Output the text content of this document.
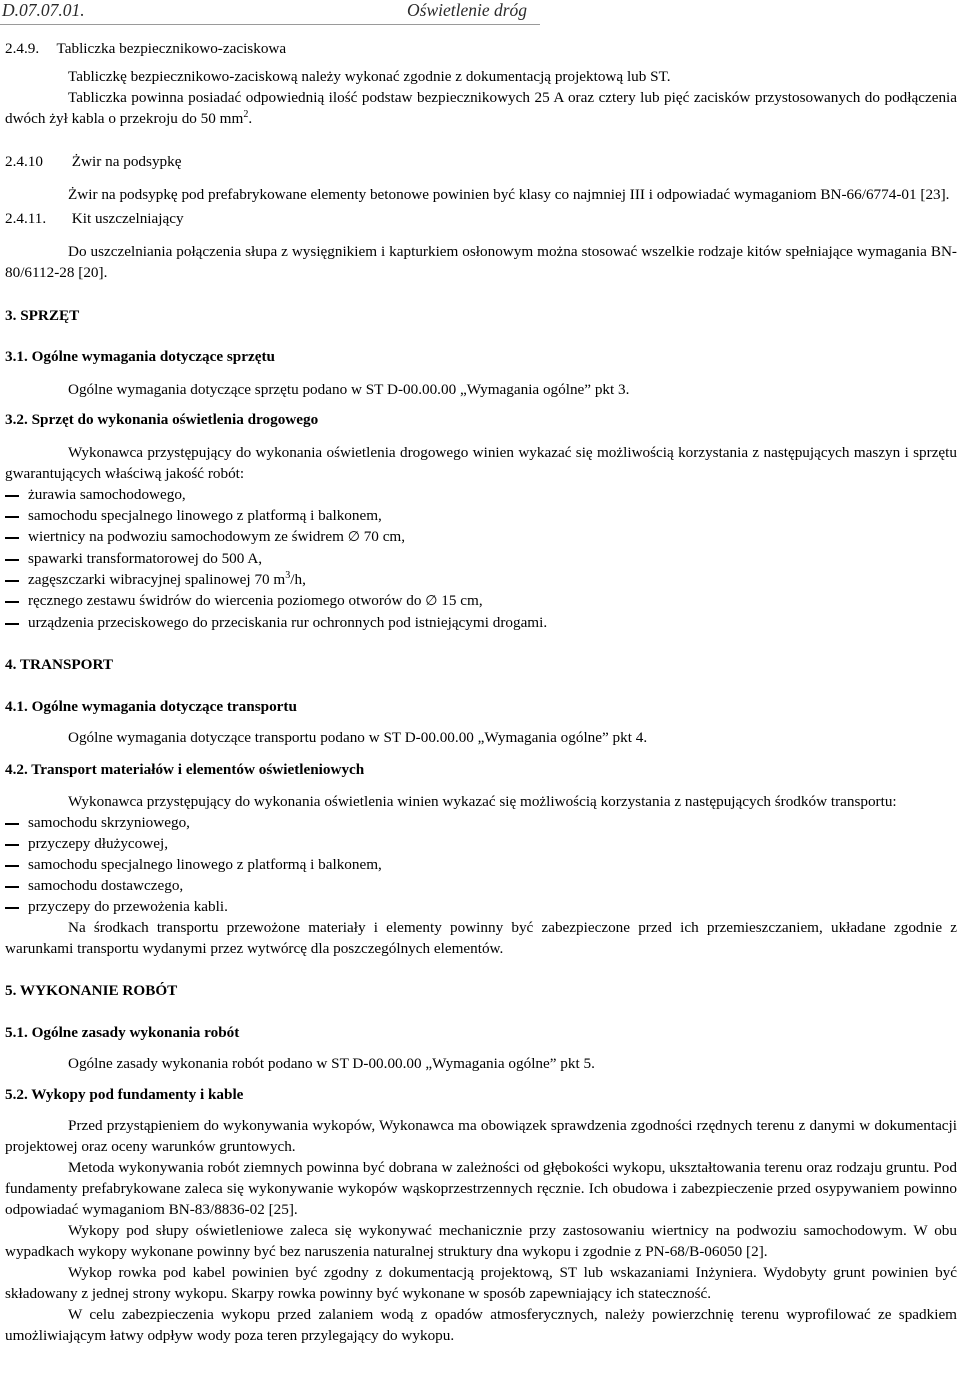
D.07.07.01.	Oświetlenie dróg
2.4.9. Tabliczka bezpiecznikowo-zaciskowa

Tabliczkę bezpiecznikowo-zaciskową należy wykonać zgodnie z dokumentacją projektową lub ST.

Tabliczka powinna posiadać odpowiednią ilość podstaw bezpiecznikowych 25 A oraz cztery lub pięć zacisków przystosowanych do podłączenia dwóch żył kabla o przekroju do 50 $mm^2$.

2.4.10 Żwir na podsypkę

Żwir na podsypkę pod prefabrykowane elementy betonowe powinien być klasy co najmniej III i odpowiadać wymaganiom BN-66/6774-01 [23].

2.4.11. Kit uszczelniający

Do uszczelniania połączenia słupa z wysięgnikiem i kapturkiem osłonowym można stosować wszelkie rodzaje kitów spełniające wymagania BN-80/6112-28 [20].

3. SPRZĘT
3.1. Ogólne wymagania dotyczące sprzętu

Ogólne wymagania dotyczące sprzętu podano w ST D-00.00.00 „Wymagania ogólne” pkt 3.

3.2. Sprzęt do wykonania oświetlenia drogowego

Wykonawca przystępujący do wykonania oświetlenia drogowego winien wykazać się możliwością korzystania z następujących maszyn i sprzętu gwarantujących właściwą jakość robót:

żurawia samochodowego,
samochodu specjalnego linowego z platformą i balkonem,
wiertnicy na podwoziu samochodowym ze świdrem ∅ 70 cm,
spawarki transformatorowej do 500 A,
zagęszczarki wibracyjnej spalinowej 70 $m^3/h$,
ręcznego zestawu świdrów do wiercenia poziomego otworów do ∅ 15 cm,
urządzenia przeciskowego do przeciskania rur ochronnych pod istniejącymi drogami.
4. TRANSPORT
4.1. Ogólne wymagania dotyczące transportu

Ogólne wymagania dotyczące transportu podano w ST D-00.00.00 „Wymagania ogólne” pkt 4.

4.2. Transport materiałów i elementów oświetleniowych

Wykonawca przystępujący do wykonania oświetlenia winien wykazać się możliwością korzystania z następujących środków transportu:

samochodu skrzyniowego,
przyczepy dłużycowej,
samochodu specjalnego linowego z platformą i balkonem,
samochodu dostawczego,
przyczepy do przewożenia kabli.

Na środkach transportu przewożone materiały i elementy powinny być zabezpieczone przed ich przemieszczaniem, układane zgodnie z warunkami transportu wydanymi przez wytwórcę dla poszczególnych elementów.

5. WYKONANIE ROBÓT
5.1. Ogólne zasady wykonania robót

Ogólne zasady wykonania robót podano w ST D-00.00.00 „Wymagania ogólne” pkt 5.

5.2. Wykopy pod fundamenty i kable

Przed przystąpieniem do wykonywania wykopów, Wykonawca ma obowiązek sprawdzenia zgodności rzędnych terenu z danymi w dokumentacji projektowej oraz oceny warunków gruntowych.

Metoda wykonywania robót ziemnych powinna być dobrana w zależności od głębokości wykopu, ukształtowania terenu oraz rodzaju gruntu. Pod fundamenty prefabrykowane zaleca się wykonywanie wykopów wąskoprzestrzennych ręcznie. Ich obudowa i zabezpieczenie przed osypywaniem powinno odpowiadać wymaganiom BN-83/8836-02 [25].

Wykopy pod słupy oświetleniowe zaleca się wykonywać mechanicznie przy zastosowaniu wiertnicy na podwoziu samochodowym. W obu wypadkach wykopy wykonane powinny być bez naruszenia naturalnej struktury dna wykopu i zgodnie z PN-68/B-06050 [2].

Wykop rowka pod kabel powinien być zgodny z dokumentacją projektową, ST lub wskazaniami Inżyniera. Wydobyty grunt powinien być składowany z jednej strony wykopu. Skarpy rowka powinny być wykonane w sposób zapewniający ich stateczność.

W celu zabezpieczenia wykopu przed zalaniem wodą z opadów atmosferycznych, należy powierzchnię terenu wyprofilować ze spadkiem umożliwiającym łatwy odpływ wody poza teren przylegający do wykopu.
